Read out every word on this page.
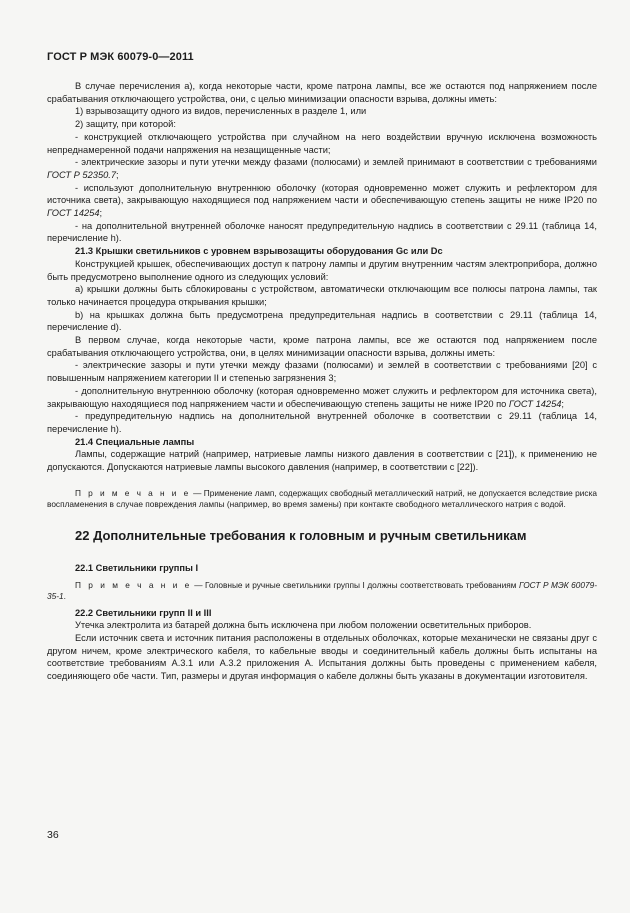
ГОСТ Р МЭК 60079-0—2011

В случае перечисления a), когда некоторые части, кроме патрона лампы, все же остаются под напряжением после срабатывания отключающего устройства, они, с целью минимизации опасности взрыва, должны иметь:

1) взрывозащиту одного из видов, перечисленных в разделе 1, или

2) защиту, при которой:

- конструкцией отключающего устройства при случайном на него воздействии вручную исключена возможность непреднамеренной подачи напряжения на незащищенные части;

- электрические зазоры и пути утечки между фазами (полюсами) и землей принимают в соответствии с требованиями ГОСТ Р 52350.7;

- используют дополнительную внутреннюю оболочку (которая одновременно может служить и рефлектором для источника света), закрывающую находящиеся под напряжением части и обеспечивающую степень защиты не ниже IP20 по ГОСТ 14254;

- на дополнительной внутренней оболочке наносят предупредительную надпись в соответствии с 29.11 (таблица 14, перечисление h).

21.3 Крышки светильников с уровнем взрывозащиты оборудования Gc или Dc

Конструкцией крышек, обеспечивающих доступ к патрону лампы и другим внутренним частям электроприбора, должно быть предусмотрено выполнение одного из следующих условий:

a) крышки должны быть сблокированы с устройством, автоматически отключающим все полюсы патрона лампы, так только начинается процедура открывания крышки;

b) на крышках должна быть предусмотрена предупредительная надпись в соответствии с 29.11 (таблица 14, перечисление d).

В первом случае, когда некоторые части, кроме патрона лампы, все же остаются под напряжением после срабатывания отключающего устройства, они, в целях минимизации опасности взрыва, должны иметь:

- электрические зазоры и пути утечки между фазами (полюсами) и землей в соответствии с требованиями [20] с повышенным напряжением категории II и степенью загрязнения 3;

- дополнительную внутреннюю оболочку (которая одновременно может служить и рефлектором для источника света), закрывающую находящиеся под напряжением части и обеспечивающую степень защиты не ниже IP20 по ГОСТ 14254;

- предупредительную надпись на дополнительной внутренней оболочке в соответствии с 29.11 (таблица 14, перечисление h).

21.4 Специальные лампы

Лампы, содержащие натрий (например, натриевые лампы низкого давления в соответствии с [21]), к применению не допускаются. Допускаются натриевые лампы высокого давления (например, в соответствии с [22]).

П р и м е ч а н и е — Применение ламп, содержащих свободный металлический натрий, не допускается вследствие риска воспламенения в случае повреждения лампы (например, во время замены) при контакте свободного металлического натрия с водой.

22 Дополнительные требования к головным и ручным светильникам

22.1 Светильники группы I

П р и м е ч а н и е — Головные и ручные светильники группы I должны соответствовать требованиям ГОСТ Р МЭК 60079-35-1.

22.2 Светильники групп II и III

Утечка электролита из батарей должна быть исключена при любом положении осветительных приборов.

Если источник света и источник питания расположены в отдельных оболочках, которые механически не связаны друг с другом ничем, кроме электрического кабеля, то кабельные вводы и соединительный кабель должны быть испытаны на соответствие требованиям А.3.1 или А.3.2 приложения А. Испытания должны быть проведены с применением кабеля, соединяющего обе части. Тип, размеры и другая информация о кабеле должны быть указаны в документации изготовителя.

36
